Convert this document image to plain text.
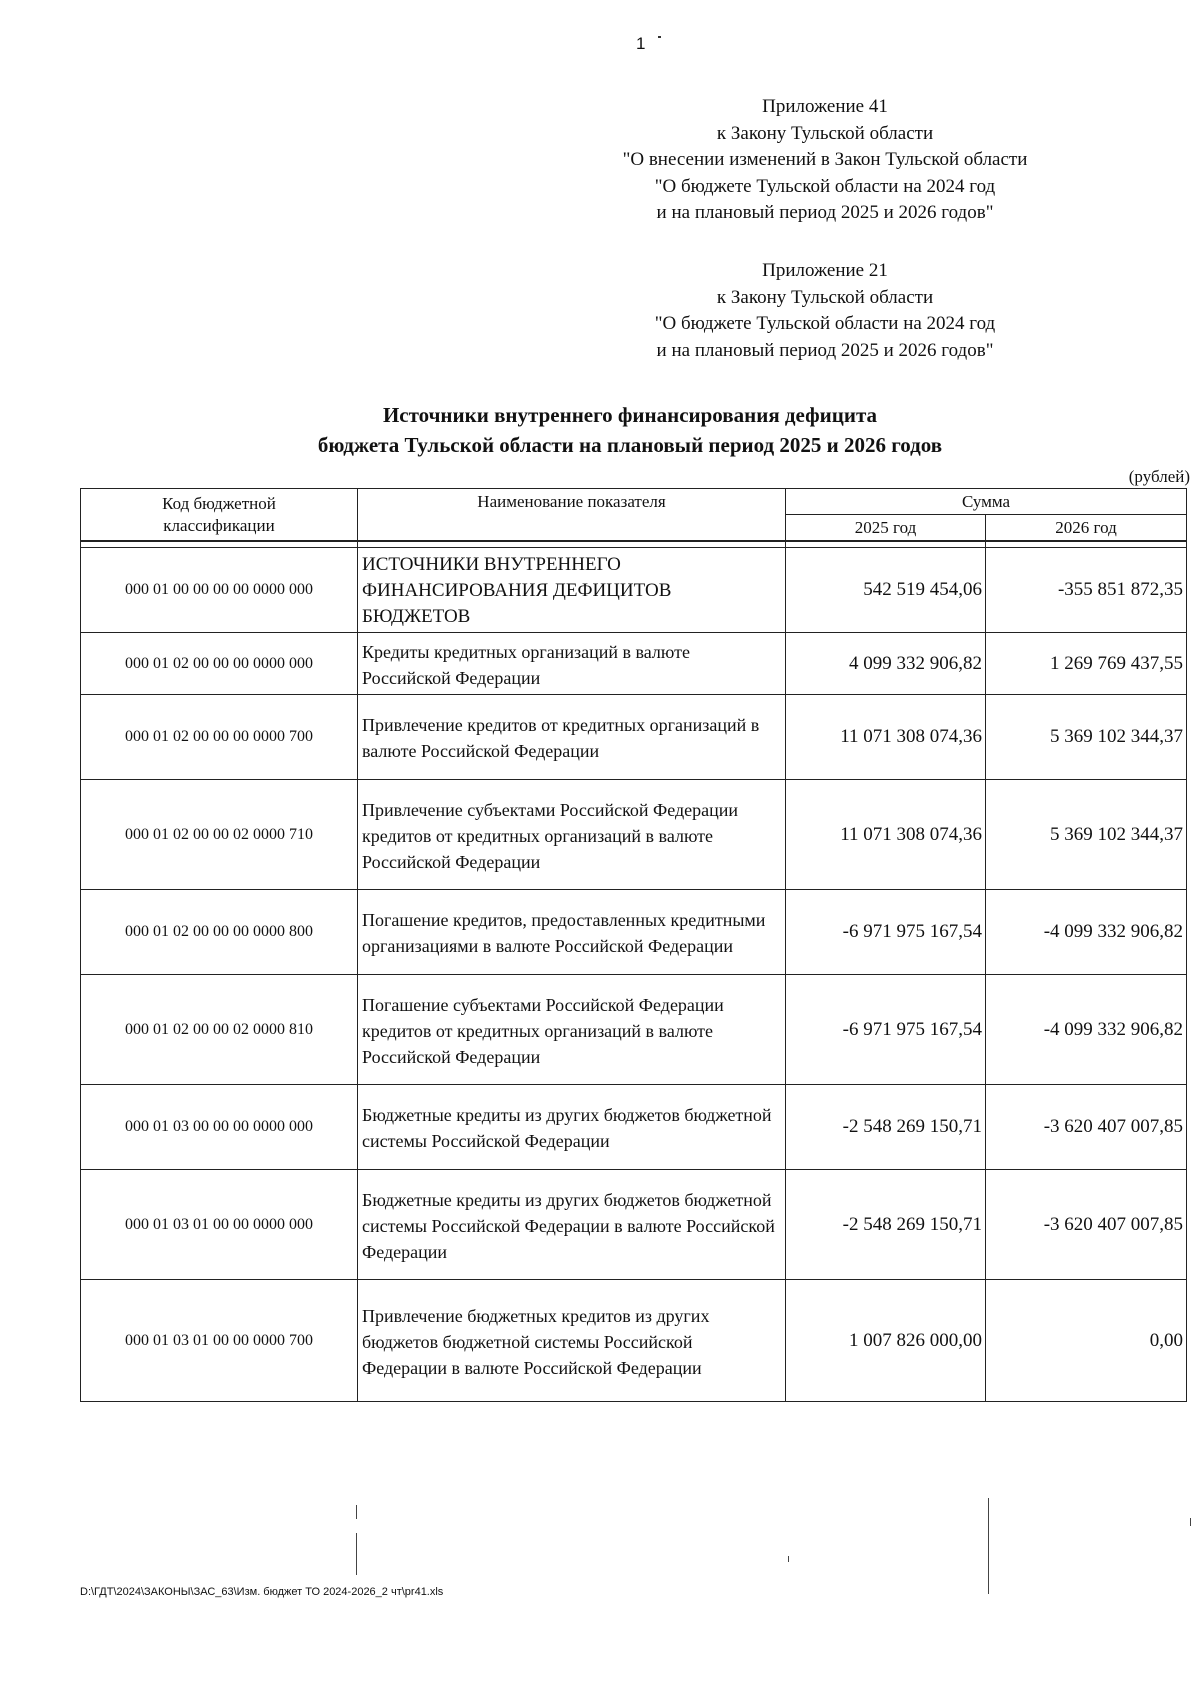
1
Приложение 41
к Закону Тульской области
"О внесении изменений в Закон Тульской области
"О бюджете Тульской области на 2024 год
и на плановый период 2025 и 2026 годов"
Приложение 21
к Закону Тульской области
"О бюджете Тульской области на 2024 год
и на плановый период 2025 и 2026 годов"
Источники внутреннего финансирования дефицита
бюджета Тульской области на плановый период 2025 и 2026 годов
(рублей)
Код бюджетной классификации	Наименование показателя	Сумма	
		2025 год	2026 год

000 01 00 00 00 00 0000 000	ИСТОЧНИКИ ВНУТРЕННЕГО ФИНАНСИРОВАНИЯ ДЕФИЦИТОВ БЮДЖЕТОВ	542 519 454,06	-355 851 872,35
000 01 02 00 00 00 0000 000	Кредиты кредитных организаций в валюте Российской Федерации	4 099 332 906,82	1 269 769 437,55
000 01 02 00 00 00 0000 700	Привлечение кредитов от кредитных организаций в валюте Российской Федерации	11 071 308 074,36	5 369 102 344,37
000 01 02 00 00 02 0000 710	Привлечение субъектами Российской Федерации кредитов от кредитных организаций в валюте Российской Федерации	11 071 308 074,36	5 369 102 344,37
000 01 02 00 00 00 0000 800	Погашение кредитов, предоставленных кредитными организациями в валюте Российской Федерации	-6 971 975 167,54	-4 099 332 906,82
000 01 02 00 00 02 0000 810	Погашение субъектами Российской Федерации кредитов от кредитных организаций в валюте Российской Федерации	-6 971 975 167,54	-4 099 332 906,82
000 01 03 00 00 00 0000 000	Бюджетные кредиты из других бюджетов бюджетной системы Российской Федерации	-2 548 269 150,71	-3 620 407 007,85
000 01 03 01 00 00 0000 000	Бюджетные кредиты из других бюджетов бюджетной системы Российской Федерации в валюте Российской Федерации	-2 548 269 150,71	-3 620 407 007,85
000 01 03 01 00 00 0000 700	Привлечение бюджетных кредитов из других бюджетов бюджетной системы Российской Федерации в валюте Российской Федерации	1 007 826 000,00	0,00
D:\ГДТ\2024\ЗАКОНЫ\ЗАС_63\Изм. бюджет ТО 2024-2026_2 чт\pr41.xls
